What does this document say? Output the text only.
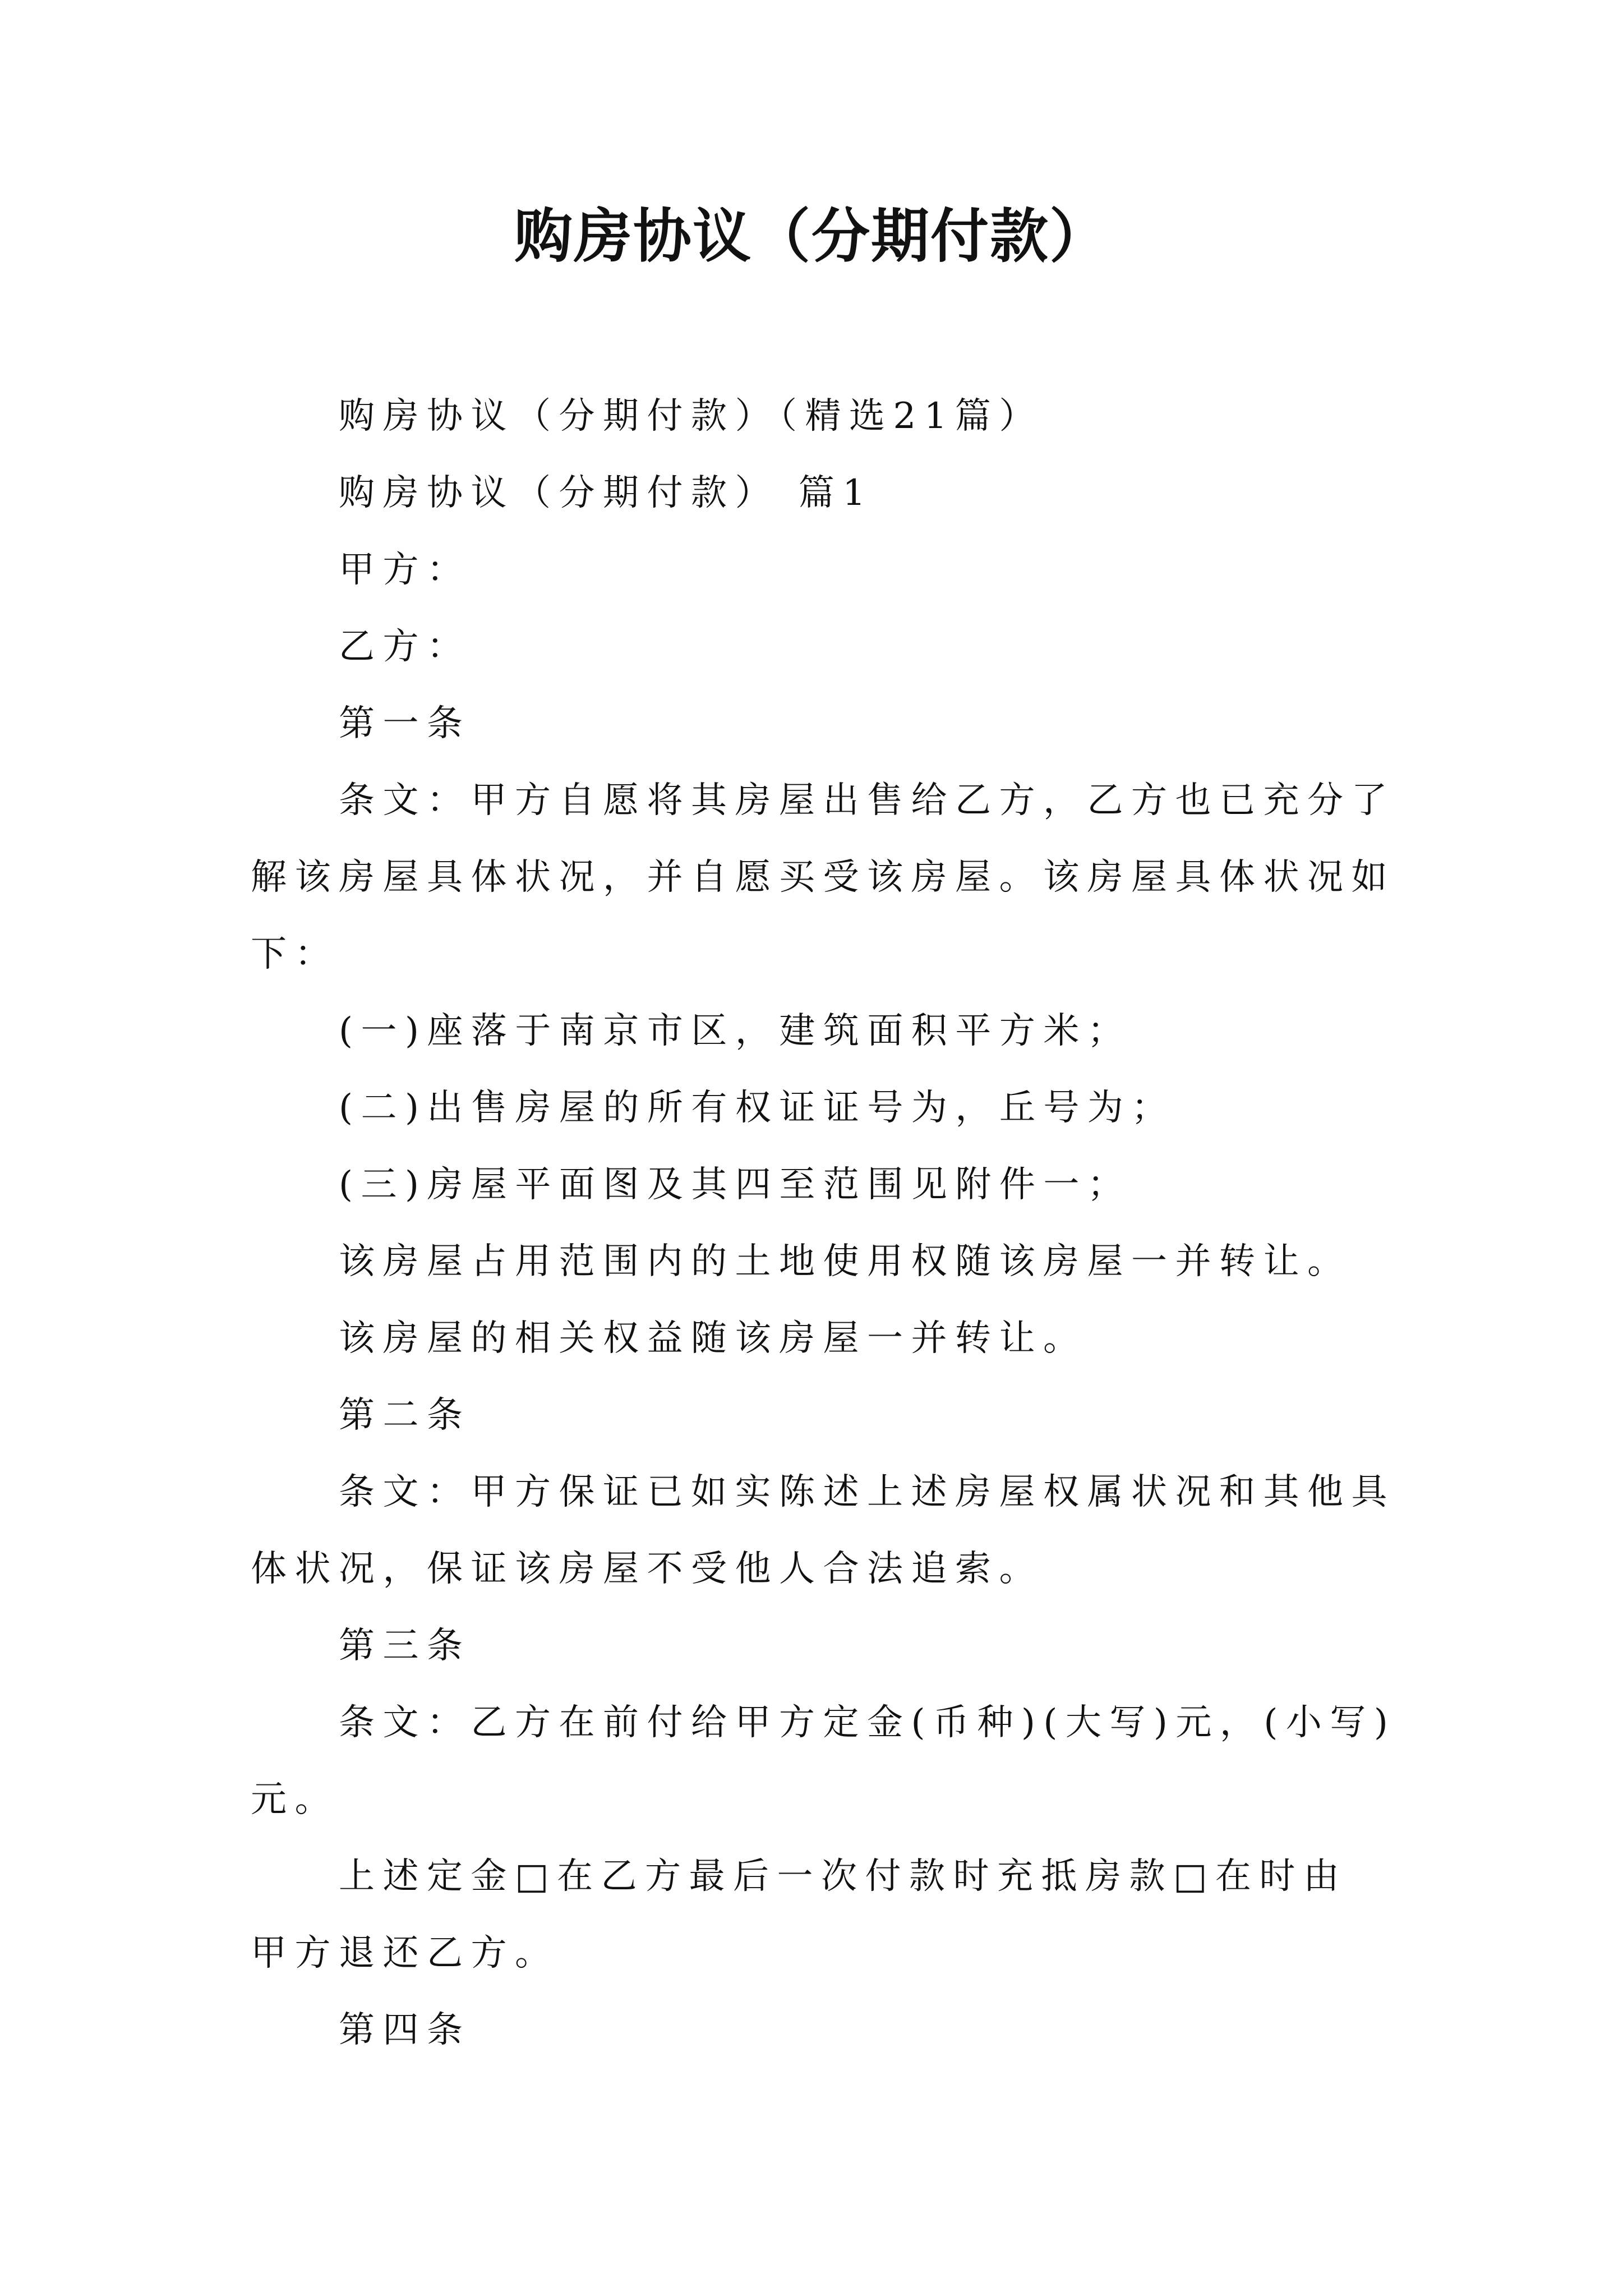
购房协议（分期付款）
购房协议（分期付款）（精选21篇）
购房协议（分期付款） 篇1
甲方：
乙方：
第一条
条文：甲方自愿将其房屋出售给乙方，乙方也已充分了
解该房屋具体状况，并自愿买受该房屋。该房屋具体状况如
下：
(一)座落于南京市区，建筑面积平方米；
(二)出售房屋的所有权证证号为，丘号为；
(三)房屋平面图及其四至范围见附件一；
该房屋占用范围内的土地使用权随该房屋一并转让。
该房屋的相关权益随该房屋一并转让。
第二条
条文：甲方保证已如实陈述上述房屋权属状况和其他具
体状况，保证该房屋不受他人合法追索。
第三条
条文：乙方在前付给甲方定金(币种)(大写)元，(小写)
元。
上述定金□在乙方最后一次付款时充抵房款□在时由
甲方退还乙方。
第四条
